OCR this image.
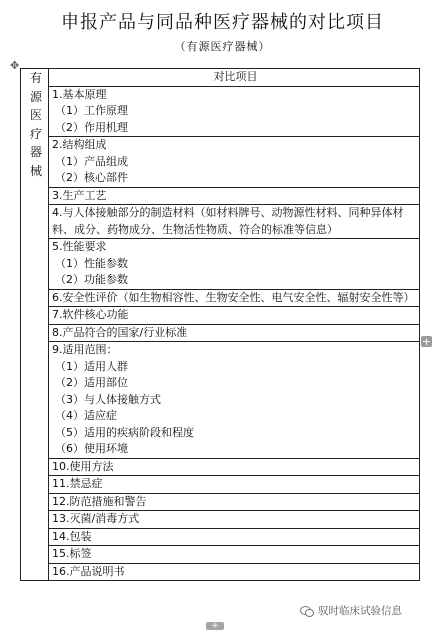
申报产品与同品种医疗器械的对比项目
（有源医疗器械）
✥
有
源
医
疗
器
械
	对比项目

1.基本原理
（1）工作原理
（2）作用机理

2.结构组成
（1）产品组成
（2）核心部件

3.生产工艺

4.与人体接触部分的制造材料（如材料牌号、动物源性材料、同种异体材料、成分、药物成分、生物活性物质、符合的标准等信息）

5.性能要求
（1）性能参数
（2）功能参数

6.安全性评价（如生物相容性、生物安全性、电气安全性、辐射安全性等）

7.软件核心功能

8.产品符合的国家/行业标准

9.适用范围：
（1）适用人群
（2）适用部位
（3）与人体接触方式
（4）适应症
（5）适用的疾病阶段和程度
（6）使用环境

10.使用方法

11.禁忌症

12.防范措施和警告

13.灭菌/消毒方式

14.包装

15.标签

16.产品说明书
+
+
驭时临床试验信息
